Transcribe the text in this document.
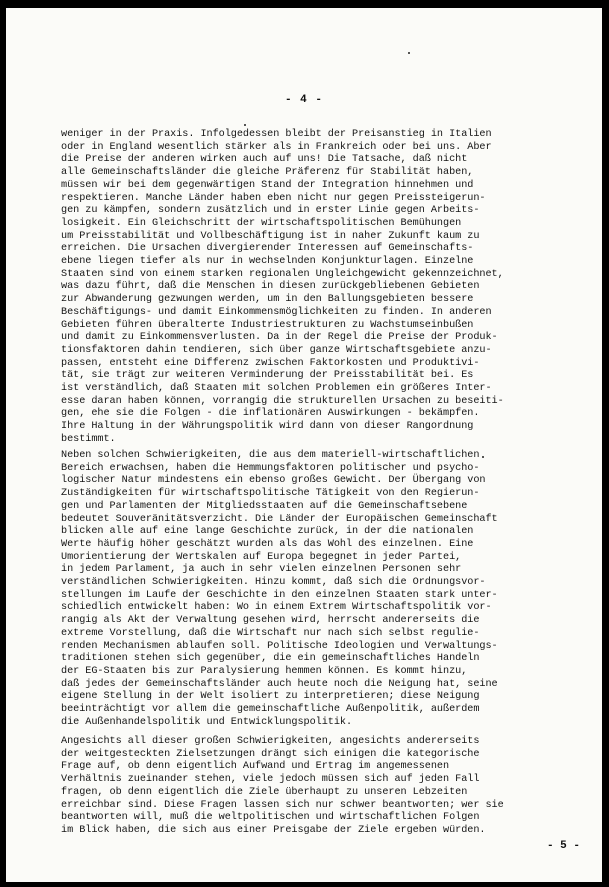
- 4 -
weniger in der Praxis. Infolgedessen bleibt der Preisanstieg in Italien
oder in England wesentlich stärker als in Frankreich oder bei uns. Aber
die Preise der anderen wirken auch auf uns! Die Tatsache, daß nicht
alle Gemeinschaftsländer die gleiche Präferenz für Stabilität haben,
müssen wir bei dem gegenwärtigen Stand der Integration hinnehmen und
respektieren. Manche Länder haben eben nicht nur gegen Preissteigerun-
gen zu kämpfen, sondern zusätzlich und in erster Linie gegen Arbeits-
losigkeit. Ein Gleichschritt der wirtschaftspolitischen Bemühungen
um Preisstabilität und Vollbeschäftigung ist in naher Zukunft kaum zu
erreichen. Die Ursachen divergierender Interessen auf Gemeinschafts-
ebene liegen tiefer als nur in wechselnden Konjunkturlagen. Einzelne
Staaten sind von einem starken regionalen Ungleichgewicht gekennzeichnet,
was dazu führt, daß die Menschen in diesen zurückgebliebenen Gebieten
zur Abwanderung gezwungen werden, um in den Ballungsgebieten bessere
Beschäftigungs- und damit Einkommensmöglichkeiten zu finden. In anderen
Gebieten führen überalterte Industriestrukturen zu Wachstumseinbußen
und damit zu Einkommensverlusten. Da in der Regel die Preise der Produk-
tionsfaktoren dahin tendieren, sich über ganze Wirtschaftsgebiete anzu-
passen, entsteht eine Differenz zwischen Faktorkosten und Produktivi-
tät, sie trägt zur weiteren Verminderung der Preisstabilität bei. Es
ist verständlich, daß Staaten mit solchen Problemen ein größeres Inter-
esse daran haben können, vorrangig die strukturellen Ursachen zu beseiti-
gen, ehe sie die Folgen - die inflationären Auswirkungen - bekämpfen.
Ihre Haltung in der Währungspolitik wird dann von dieser Rangordnung
bestimmt.
Neben solchen Schwierigkeiten, die aus dem materiell-wirtschaftlichen
Bereich erwachsen, haben die Hemmungsfaktoren politischer und psycho-
logischer Natur mindestens ein ebenso großes Gewicht. Der Übergang von
Zuständigkeiten für wirtschaftspolitische Tätigkeit von den Regierun-
gen und Parlamenten der Mitgliedsstaaten auf die Gemeinschaftsebene
bedeutet Souveränitätsverzicht. Die Länder der Europäischen Gemeinschaft
blicken alle auf eine lange Geschichte zurück, in der die nationalen
Werte häufig höher geschätzt wurden als das Wohl des einzelnen. Eine
Umorientierung der Wertskalen auf Europa begegnet in jeder Partei,
in jedem Parlament, ja auch in sehr vielen einzelnen Personen sehr
verständlichen Schwierigkeiten. Hinzu kommt, daß sich die Ordnungsvor-
stellungen im Laufe der Geschichte in den einzelnen Staaten stark unter-
schiedlich entwickelt haben: Wo in einem Extrem Wirtschaftspolitik vor-
rangig als Akt der Verwaltung gesehen wird, herrscht andererseits die
extreme Vorstellung, daß die Wirtschaft nur nach sich selbst regulie-
renden Mechanismen ablaufen soll. Politische Ideologien und Verwaltungs-
traditionen stehen sich gegenüber, die ein gemeinschaftliches Handeln
der EG-Staaten bis zur Paralysierung hemmen können. Es kommt hinzu,
daß jedes der Gemeinschaftsländer auch heute noch die Neigung hat, seine
eigene Stellung in der Welt isoliert zu interpretieren; diese Neigung
beeinträchtigt vor allem die gemeinschaftliche Außenpolitik, außerdem
die Außenhandelspolitik und Entwicklungspolitik.
Angesichts all dieser großen Schwierigkeiten, angesichts andererseits
der weitgesteckten Zielsetzungen drängt sich einigen die kategorische
Frage auf, ob denn eigentlich Aufwand und Ertrag im angemessenen
Verhältnis zueinander stehen, viele jedoch müssen sich auf jeden Fall
fragen, ob denn eigentlich die Ziele überhaupt zu unseren Lebzeiten
erreichbar sind. Diese Fragen lassen sich nur schwer beantworten; wer sie
beantworten will, muß die weltpolitischen und wirtschaftlichen Folgen
im Blick haben, die sich aus einer Preisgabe der Ziele ergeben würden.
- 5 -
